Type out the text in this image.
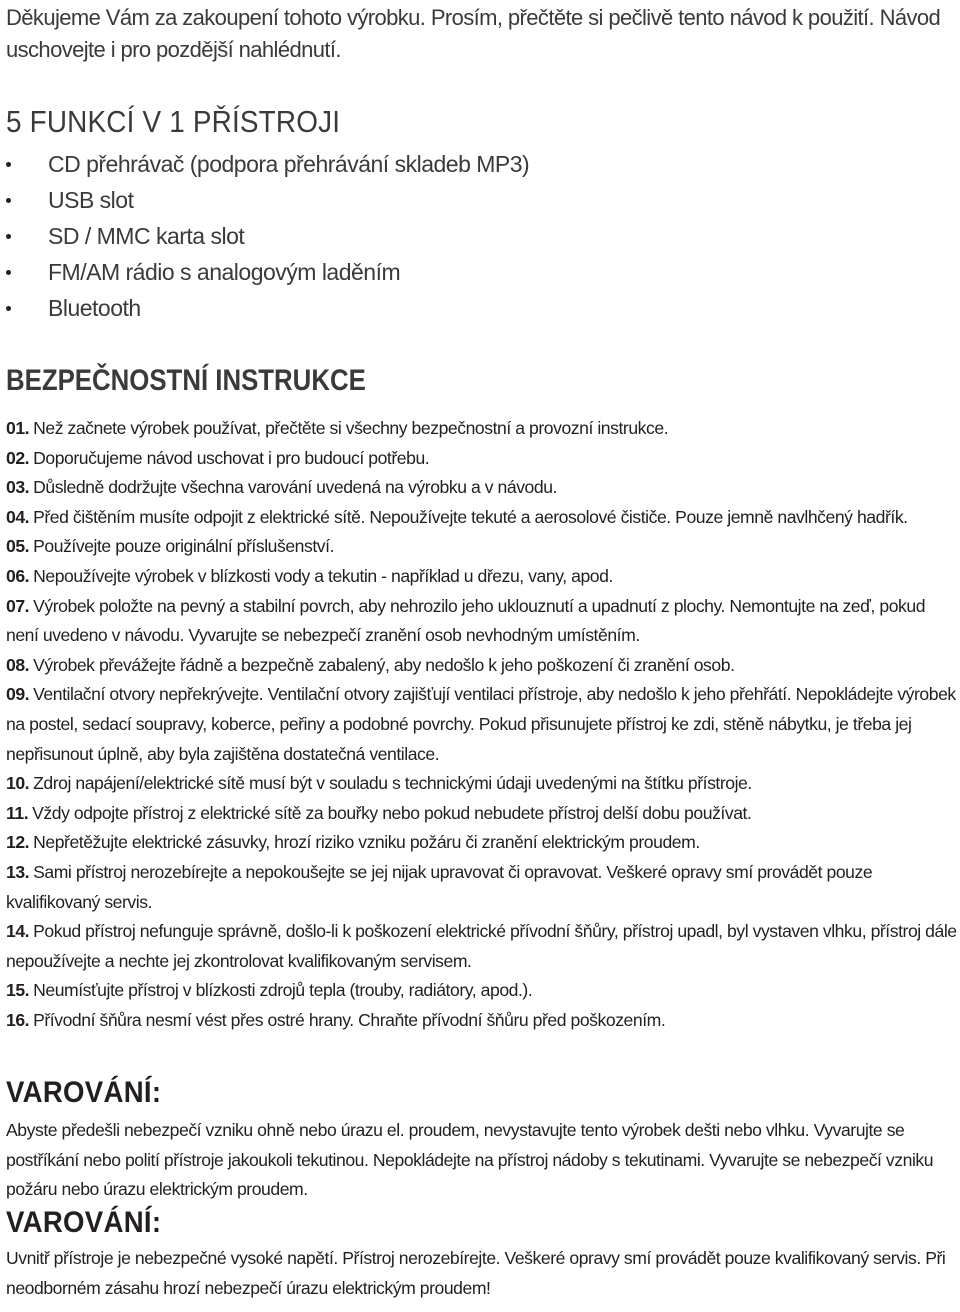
Děkujeme Vám za zakoupení tohoto výrobku. Prosím, přečtěte si pečlivě tento návod k použití. Návod uschovejte i pro pozdější nahlédnutí.

5 FUNKCÍ V 1 PŘÍSTROJI
CD přehrávač (podpora přehrávání skladeb MP3)
USB slot
SD / MMC karta slot
FM/AM rádio s analogovým laděním
Bluetooth
BEZPEČNOSTNÍ INSTRUKCE
01. Než začnete výrobek používat, přečtěte si všechny bezpečnostní a provozní instrukce.
02. Doporučujeme návod uschovat i pro budoucí potřebu.
03. Důsledně dodržujte všechna varování uvedená na výrobku a v návodu.
04. Před čištěním musíte odpojit z elektrické sítě. Nepoužívejte tekuté a aerosolové čističe. Pouze jemně navlhčený hadřík.
05. Používejte pouze originální příslušenství.
06. Nepoužívejte výrobek v blízkosti vody a tekutin - například u dřezu, vany, apod.
07. Výrobek položte na pevný a stabilní povrch, aby nehrozilo jeho uklouznutí a upadnutí z plochy. Nemontujte na zeď, pokud není uvedeno v návodu. Vyvarujte se nebezpečí zranění osob nevhodným umístěním.
08. Výrobek převážejte řádně a bezpečně zabalený, aby nedošlo k jeho poškození či zranění osob.
09. Ventilační otvory nepřekrývejte. Ventilační otvory zajišťují ventilaci přístroje, aby nedošlo k jeho přehřátí. Nepokládejte výrobek na postel, sedací soupravy, koberce, peřiny a podobné povrchy. Pokud přisunujete přístroj ke zdi, stěně nábytku, je třeba jej nepřisunout úplně, aby byla zajištěna dostatečná ventilace.
10. Zdroj napájení/elektrické sítě musí být v souladu s technickými údaji uvedenými na štítku přístroje.
11. Vždy odpojte přístroj z elektrické sítě za bouřky nebo pokud nebudete přístroj delší dobu používat.
12. Nepřetěžujte elektrické zásuvky, hrozí riziko vzniku požáru či zranění elektrickým proudem.
13. Sami přístroj nerozebírejte a nepokoušejte se jej nijak upravovat či opravovat. Veškeré opravy smí provádět pouze kvalifikovaný servis.
14. Pokud přístroj nefunguje správně, došlo-li k poškození elektrické přívodní šňůry, přístroj upadl, byl vystaven vlhku, přístroj dále nepoužívejte a nechte jej zkontrolovat kvalifikovaným servisem.
15. Neumísťujte přístroj v blízkosti zdrojů tepla (trouby, radiátory, apod.).
16. Přívodní šňůra nesmí vést přes ostré hrany. Chraňte přívodní šňůru před poškozením.
VAROVÁNÍ:

Abyste předešli nebezpečí vzniku ohně nebo úrazu el. proudem, nevystavujte tento výrobek dešti nebo vlhku. Vyvarujte se postříkání nebo polití přístroje jakoukoli tekutinou. Nepokládejte na přístroj nádoby s tekutinami. Vyvarujte se nebezpečí vzniku požáru nebo úrazu elektrickým proudem.

VAROVÁNÍ:

Uvnitř přístroje je nebezpečné vysoké napětí. Přístroj nerozebírejte. Veškeré opravy smí provádět pouze kvalifikovaný servis. Při neodborném zásahu hrozí nebezpečí úrazu elektrickým proudem!
